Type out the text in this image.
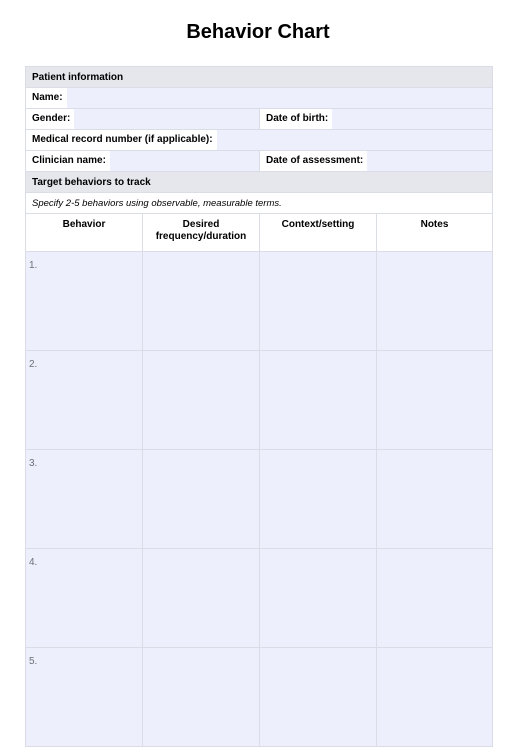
Behavior Chart
Patient information			
Name:			
Gender:		Date of birth:	
Medical record number (if applicable):			
Clinician name:		Date of assessment:	
Target behaviors to track			
Specify 2-5 behaviors using observable, measurable terms.			
Behavior	Desired frequency/duration	Context/setting	Notes
1.			
2.			
3.			
4.			
5.			
